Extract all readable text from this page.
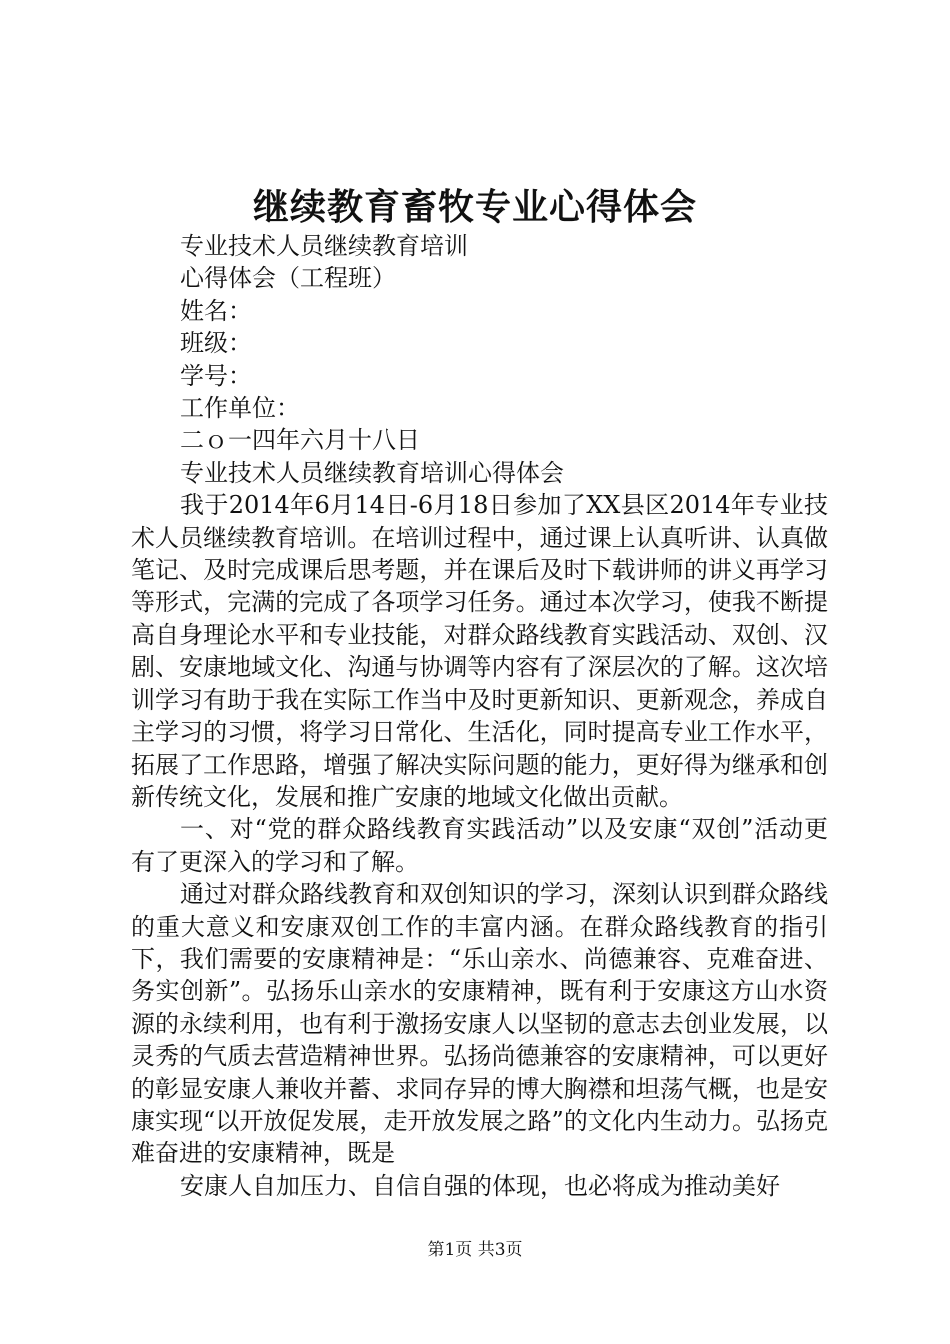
继续教育畜牧专业心得体会

专业技术人员继续教育培训

心得体会（工程班）

姓名：

班级：

学号：

工作单位：

二ｏ一四年六月十八日

专业技术人员继续教育培训心得体会

我于2014年6月14日-6月18日参加了XX县区2014年专业技术人员继续教育培训。在培训过程中，通过课上认真听讲、认真做笔记、及时完成课后思考题，并在课后及时下载讲师的讲义再学习等形式，完满的完成了各项学习任务。通过本次学习，使我不断提高自身理论水平和专业技能，对群众路线教育实践活动、双创、汉剧、安康地域文化、沟通与协调等内容有了深层次的了解。这次培训学习有助于我在实际工作当中及时更新知识、更新观念，养成自主学习的习惯，将学习日常化、生活化，同时提高专业工作水平，拓展了工作思路，增强了解决实际问题的能力，更好得为继承和创新传统文化，发展和推广安康的地域文化做出贡献。

一、对“党的群众路线教育实践活动”以及安康“双创”活动更有了更深入的学习和了解。

通过对群众路线教育和双创知识的学习，深刻认识到群众路线的重大意义和安康双创工作的丰富内涵。在群众路线教育的指引下，我们需要的安康精神是：“乐山亲水、尚德兼容、克难奋进、务实创新”。弘扬乐山亲水的安康精神，既有利于安康这方山水资源的永续利用，也有利于激扬安康人以坚韧的意志去创业发展，以灵秀的气质去营造精神世界。弘扬尚德兼容的安康精神，可以更好的彰显安康人兼收并蓄、求同存异的博大胸襟和坦荡气概，也是安康实现“以开放促发展，走开放发展之路”的文化内生动力。弘扬克难奋进的安康精神，既是

安康人自加压力、自信自强的体现，也必将成为推动美好

第1页 共3页
